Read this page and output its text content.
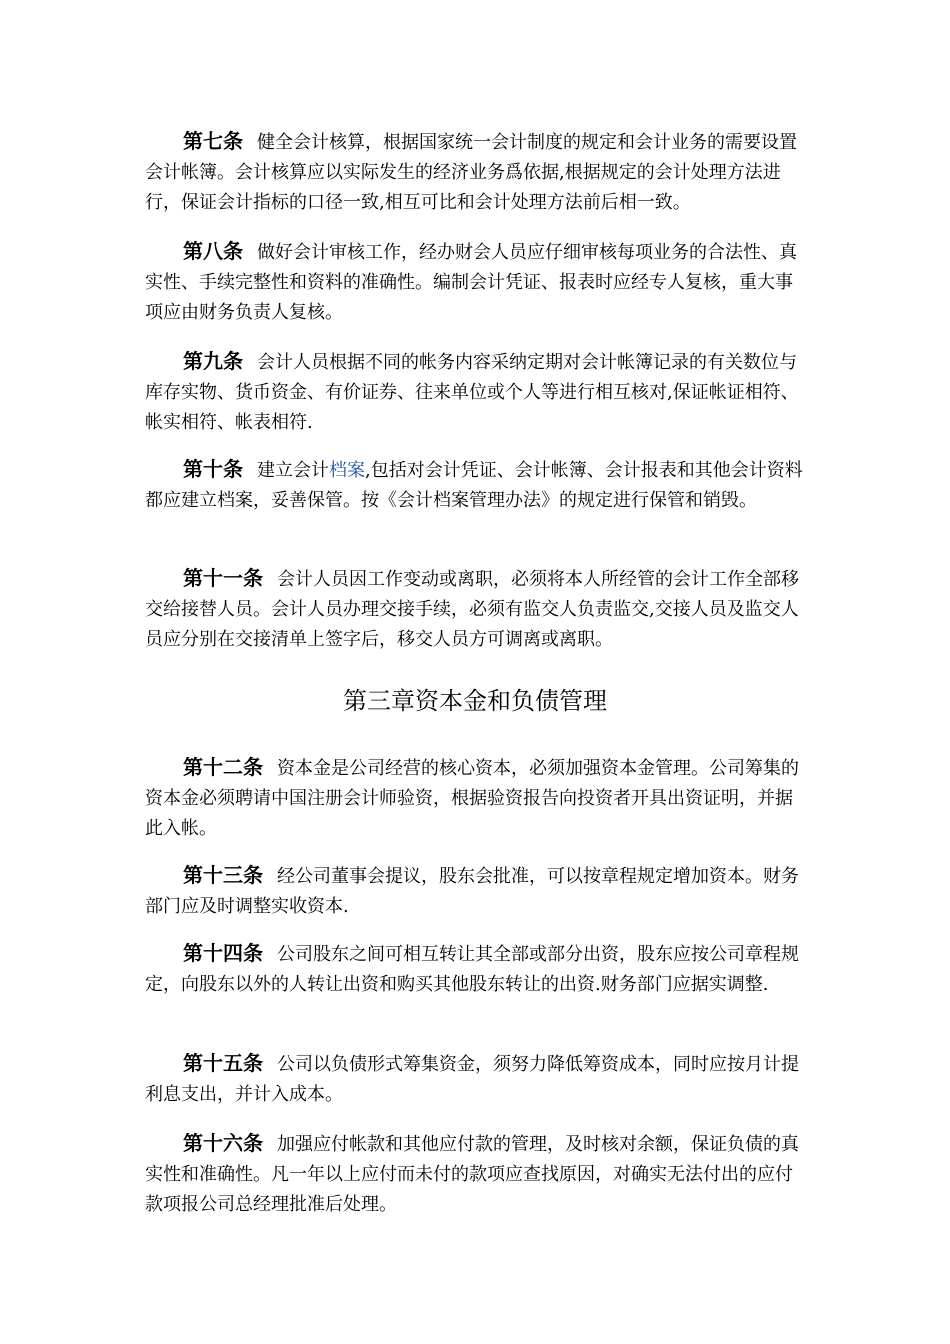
第七条 健全会计核算，根据国家统一会计制度的规定和会计业务的需要设置会计帐簿。会计核算应以实际发生的经济业务爲依据,根据规定的会计处理方法进行，保证会计指标的口径一致,相互可比和会计处理方法前后相一致。

第八条 做好会计审核工作，经办财会人员应仔细审核每项业务的合法性、真实性、手续完整性和资料的准确性。编制会计凭证、报表时应经专人复核，重大事项应由财务负责人复核。

第九条 会计人员根据不同的帐务内容采纳定期对会计帐簿记录的有关数位与库存实物、货币资金、有价证券、往来单位或个人等进行相互核对,保证帐证相符、帐实相符、帐表相符.

第十条 建立会计档案,包括对会计凭证、会计帐簿、会计报表和其他会计资料都应建立档案，妥善保管。按《会计档案管理办法》的规定进行保管和销毁。

第十一条 会计人员因工作变动或离职，必须将本人所经管的会计工作全部移交给接替人员。会计人员办理交接手续，必须有监交人负责监交,交接人员及监交人员应分别在交接清单上签字后，移交人员方可调离或离职。

第三章资本金和负债管理

第十二条 资本金是公司经营的核心资本，必须加强资本金管理。公司筹集的资本金必须聘请中国注册会计师验资，根据验资报告向投资者开具出资证明，并据此入帐。

第十三条 经公司董事会提议，股东会批准，可以按章程规定增加资本。财务部门应及时调整实收资本.

第十四条 公司股东之间可相互转让其全部或部分出资，股东应按公司章程规定，向股东以外的人转让出资和购买其他股东转让的出资.财务部门应据实调整.

第十五条 公司以负债形式筹集资金，须努力降低筹资成本，同时应按月计提利息支出，并计入成本。

第十六条 加强应付帐款和其他应付款的管理，及时核对余额，保证负债的真实性和准确性。凡一年以上应付而未付的款项应查找原因，对确实无法付出的应付款项报公司总经理批准后处理。
